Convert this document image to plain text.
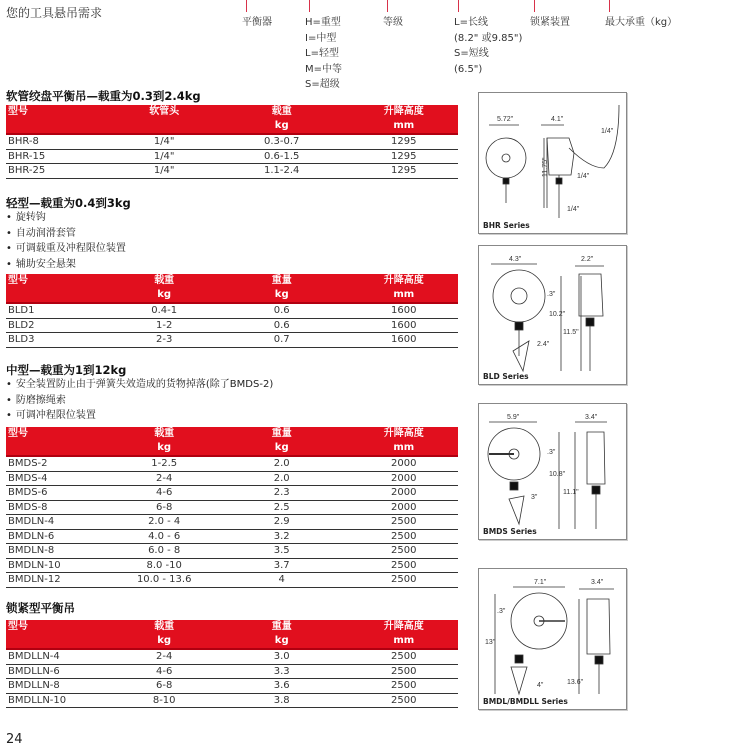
您的工具悬吊需求
平衡器	H=重型
I=中型
L=轻型
M=中等
S=超级
等级	L=长线
(8.2" 或9.85")
S=短线
(6.5")
锁紧装置	最大承重（kg）
软管绞盘平衡吊—载重为0.3到2.4kg
型号	软管头	载重	升降高度
		kg	mm
BHR-8	1/4"	0.3-0.7	1295
BHR-15	1/4"	0.6-1.5	1295
BHR-25	1/4"	1.1-2.4	1295
轻型—载重为0.4到3kg
• 旋转钩
• 自动润滑套管
• 可调载重及冲程限位装置
• 辅助安全悬架
型号	载重	重量	升降高度
	kg	kg	mm
BLD1	0.4-1	0.6	1600
BLD2	1-2	0.6	1600
BLD3	2-3	0.7	1600
中型—载重为1到12kg
• 安全装置防止由于弹簧失效造成的货物掉落(除了BMDS-2)
• 防磨擦绳索
• 可调冲程限位装置
型号	载重	重量	升降高度
	kg	kg	mm
BMDS-2	1-2.5	2.0	2000
BMDS-4	2-4	2.0	2000
BMDS-6	4-6	2.3	2000
BMDS-8	6-8	2.5	2000
BMDLN-4	2.0 - 4	2.9	2500
BMDLN-6	4.0 - 6	3.2	2500
BMDLN-8	6.0 - 8	3.5	2500
BMDLN-10	8.0 -10	3.7	2500
BMDLN-12	10.0 - 13.6	4	2500
锁紧型平衡吊
型号	载重	重量	升降高度
	kg	kg	mm
BMDLLN-4	2-4	3.0	2500
BMDLLN-6	4-6	3.3	2500
BMDLLN-8	6-8	3.6	2500
BMDLLN-10	8-10	3.8	2500
5.72"	4.1"
1/4"
11.75"	1/4"
1/4"
BHR Series
4.3"	2.2"
.3"
10.2"
11.5"
2.4"
BLD Series
5.9"	3.4"
.3"
10.8"
11.1"
3"
BMDS Series
7.1"	3.4"
.3"
13"
13.6"
4"
BMDL/BMDLL Series
24
